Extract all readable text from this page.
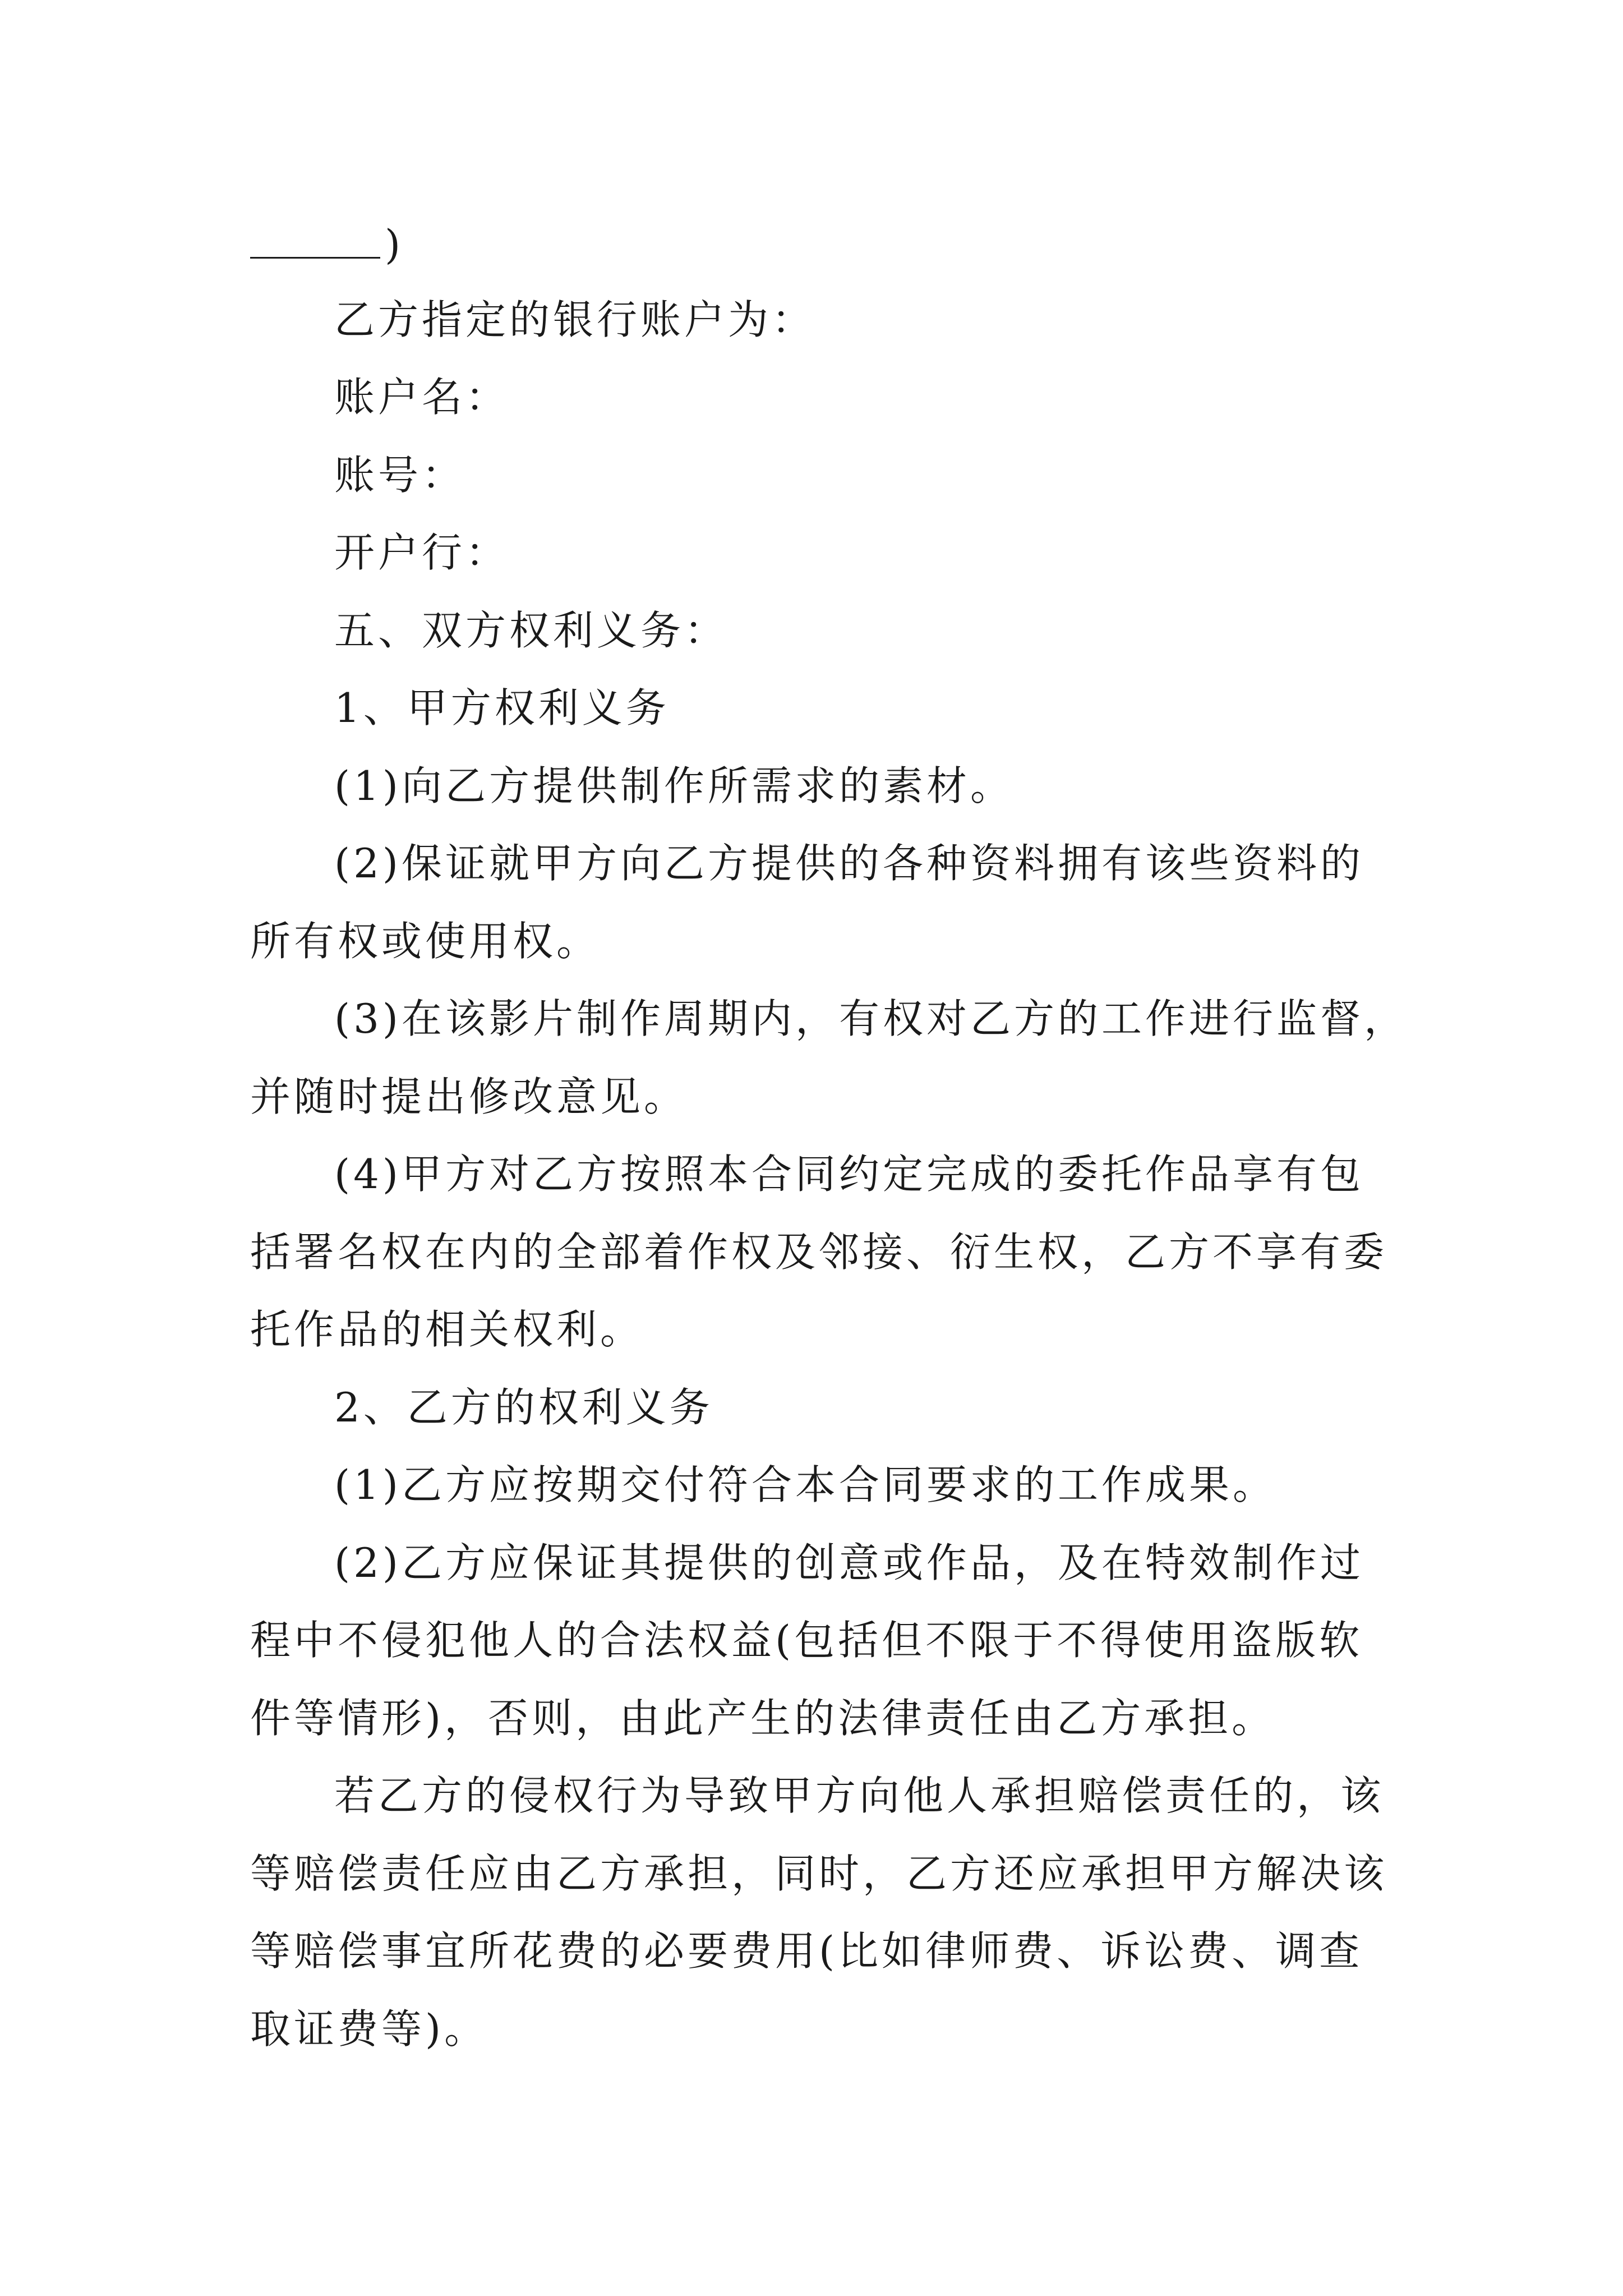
)
乙方指定的银行账户为：
账户名：
账号：
开户行：
五、双方权利义务：
1、甲方权利义务
(1)向乙方提供制作所需求的素材。
(2)保证就甲方向乙方提供的各种资料拥有该些资料的
所有权或使用权。
(3)在该影片制作周期内，有权对乙方的工作进行监督，
并随时提出修改意见。
(4)甲方对乙方按照本合同约定完成的委托作品享有包
括署名权在内的全部着作权及邻接、衍生权，乙方不享有委
托作品的相关权利。
2、乙方的权利义务
(1)乙方应按期交付符合本合同要求的工作成果。
(2)乙方应保证其提供的创意或作品，及在特效制作过
程中不侵犯他人的合法权益(包括但不限于不得使用盗版软
件等情形)，否则，由此产生的法律责任由乙方承担。
若乙方的侵权行为导致甲方向他人承担赔偿责任的，该
等赔偿责任应由乙方承担，同时，乙方还应承担甲方解决该
等赔偿事宜所花费的必要费用(比如律师费、诉讼费、调查
取证费等)。
